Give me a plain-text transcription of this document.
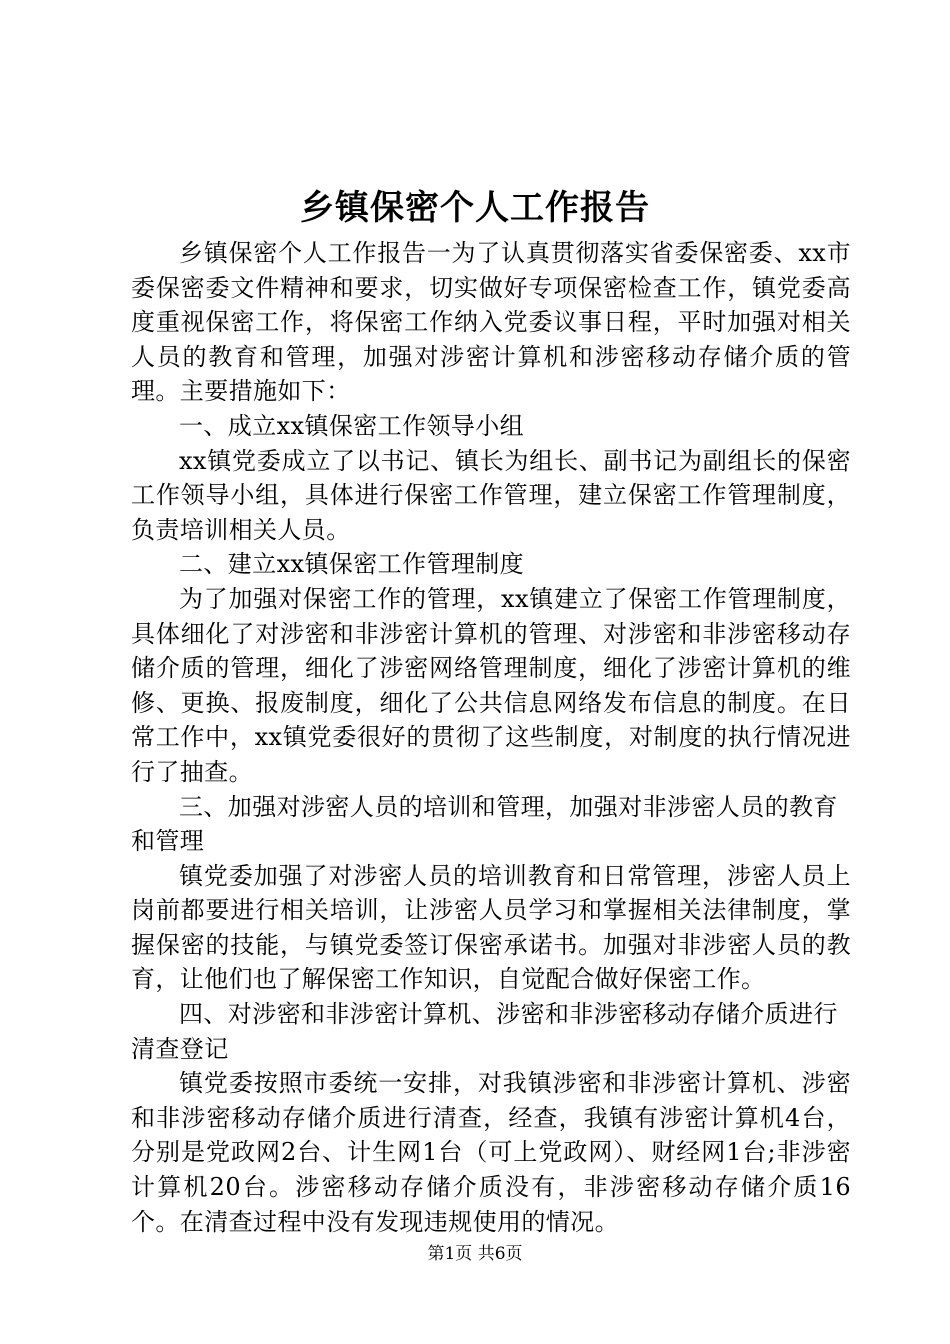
乡镇保密个人工作报告

乡镇保密个人工作报告一为了认真贯彻落实省委保密委、xx市委保密委文件精神和要求，切实做好专项保密检查工作，镇党委高度重视保密工作，将保密工作纳入党委议事日程，平时加强对相关人员的教育和管理，加强对涉密计算机和涉密移动存储介质的管理。主要措施如下：

一、成立xx镇保密工作领导小组

xx镇党委成立了以书记、镇长为组长、副书记为副组长的保密工作领导小组，具体进行保密工作管理，建立保密工作管理制度，负责培训相关人员。

二、建立xx镇保密工作管理制度

为了加强对保密工作的管理，xx镇建立了保密工作管理制度，具体细化了对涉密和非涉密计算机的管理、对涉密和非涉密移动存储介质的管理，细化了涉密网络管理制度，细化了涉密计算机的维修、更换、报废制度，细化了公共信息网络发布信息的制度。在日常工作中，xx镇党委很好的贯彻了这些制度，对制度的执行情况进行了抽查。

三、加强对涉密人员的培训和管理，加强对非涉密人员的教育和管理

镇党委加强了对涉密人员的培训教育和日常管理，涉密人员上岗前都要进行相关培训，让涉密人员学习和掌握相关法律制度，掌握保密的技能，与镇党委签订保密承诺书。加强对非涉密人员的教育，让他们也了解保密工作知识，自觉配合做好保密工作。

四、对涉密和非涉密计算机、涉密和非涉密移动存储介质进行清查登记

镇党委按照市委统一安排，对我镇涉密和非涉密计算机、涉密和非涉密移动存储介质进行清查，经查，我镇有涉密计算机4台，分别是党政网2台、计生网1台（可上党政网）、财经网1台;非涉密计算机20台。涉密移动存储介质没有，非涉密移动存储介质16个。在清查过程中没有发现违规使用的情况。

第1页 共6页
